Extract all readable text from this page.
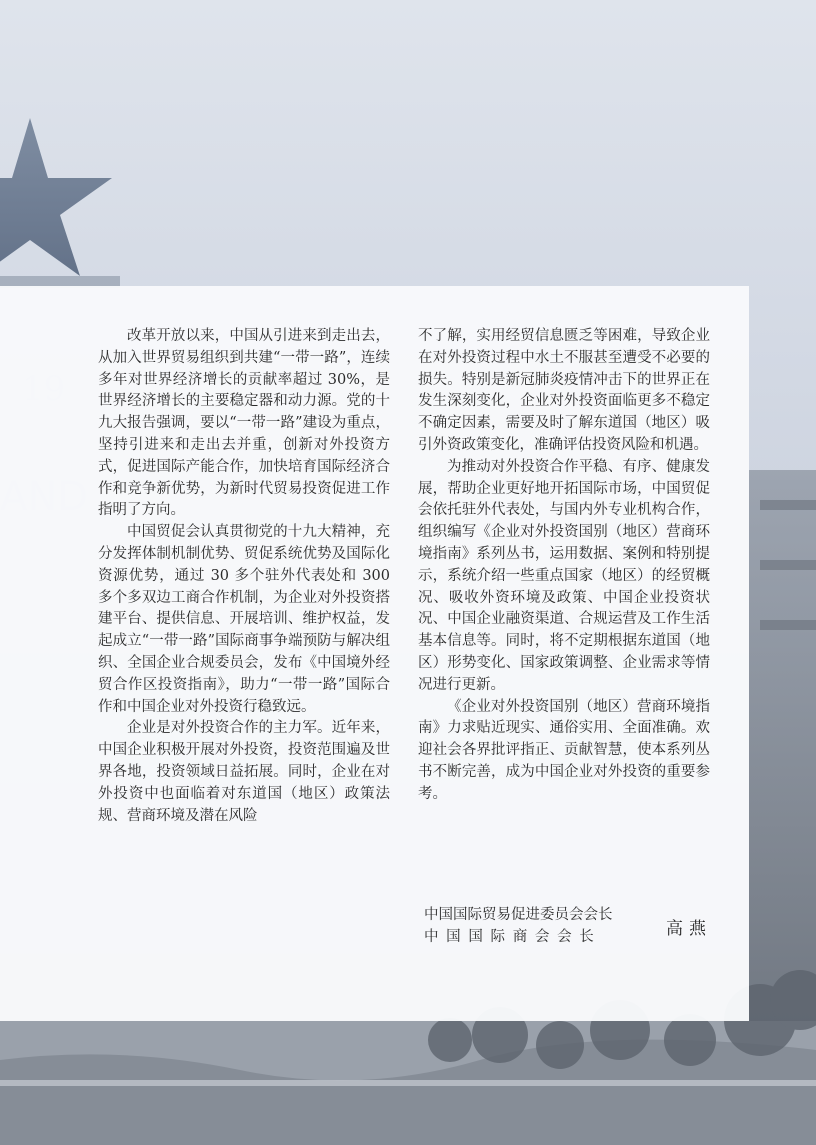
改革开放以来，中国从引进来到走出去，从加入世界贸易组织到共建“一带一路”，连续多年对世界经济增长的贡献率超过 30%，是世界经济增长的主要稳定器和动力源。党的十九大报告强调，要以“一带一路”建设为重点，坚持引进来和走出去并重，创新对外投资方式，促进国际产能合作，加快培育国际经济合作和竞争新优势，为新时代贸易投资促进工作指明了方向。

中国贸促会认真贯彻党的十九大精神，充分发挥体制机制优势、贸促系统优势及国际化资源优势，通过 30 多个驻外代表处和 300 多个多双边工商合作机制，为企业对外投资搭建平台、提供信息、开展培训、维护权益，发起成立“一带一路”国际商事争端预防与解决组织、全国企业合规委员会，发布《中国境外经贸合作区投资指南》，助力“一带一路”国际合作和中国企业对外投资行稳致远。

企业是对外投资合作的主力军。近年来，中国企业积极开展对外投资，投资范围遍及世界各地，投资领域日益拓展。同时，企业在对外投资中也面临着对东道国（地区）政策法规、营商环境及潜在风险

不了解，实用经贸信息匮乏等困难，导致企业在对外投资过程中水土不服甚至遭受不必要的损失。特别是新冠肺炎疫情冲击下的世界正在发生深刻变化，企业对外投资面临更多不稳定不确定因素，需要及时了解东道国（地区）吸引外资政策变化，准确评估投资风险和机遇。

为推动对外投资合作平稳、有序、健康发展，帮助企业更好地开拓国际市场，中国贸促会依托驻外代表处，与国内外专业机构合作，组织编写《企业对外投资国别（地区）营商环境指南》系列丛书，运用数据、案例和特别提示，系统介绍一些重点国家（地区）的经贸概况、吸收外资环境及政策、中国企业投资状况、中国企业融资渠道、合规运营及工作生活基本信息等。同时，将不定期根据东道国（地区）形势变化、国家政策调整、企业需求等情况进行更新。

《企业对外投资国别（地区）营商环境指南》力求贴近现实、通俗实用、全面准确。欢迎社会各界批评指正、贡献智慧，使本系列丛书不断完善，成为中国企业对外投资的重要参考。

中国国际贸易促进委员会会长
中国国际商会会长	高燕
